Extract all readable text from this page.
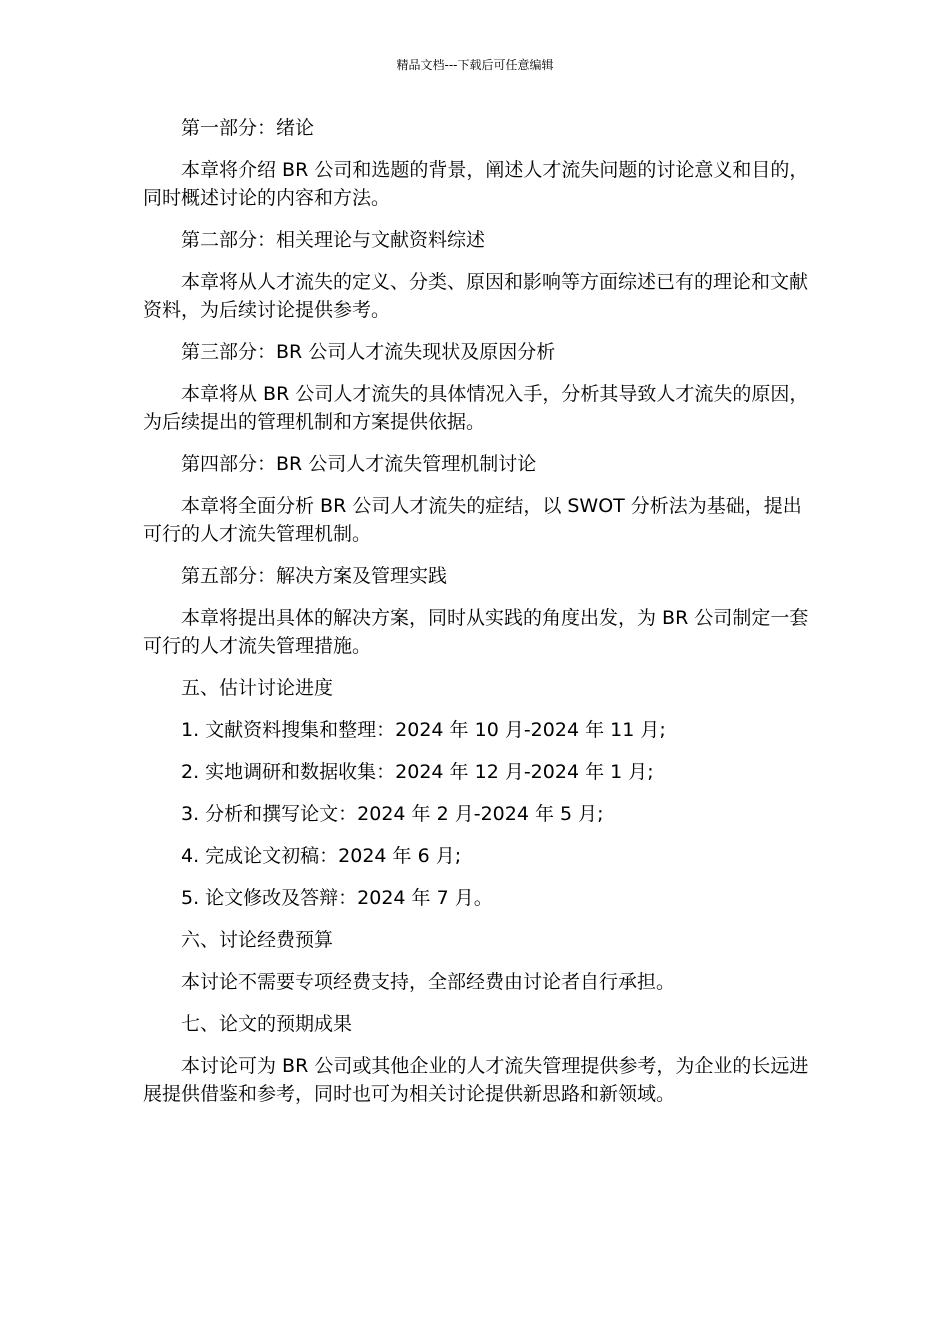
精品文档---下载后可任意编辑

第一部分：绪论

本章将介绍 BR 公司和选题的背景，阐述人才流失问题的讨论意义和目的，同时概述讨论的内容和方法。

第二部分：相关理论与文献资料综述

本章将从人才流失的定义、分类、原因和影响等方面综述已有的理论和文献资料，为后续讨论提供参考。

第三部分：BR 公司人才流失现状及原因分析

本章将从 BR 公司人才流失的具体情况入手，分析其导致人才流失的原因，为后续提出的管理机制和方案提供依据。

第四部分：BR 公司人才流失管理机制讨论

本章将全面分析 BR 公司人才流失的症结，以 SWOT 分析法为基础，提出可行的人才流失管理机制。

第五部分：解决方案及管理实践

本章将提出具体的解决方案，同时从实践的角度出发，为 BR 公司制定一套可行的人才流失管理措施。

五、估计讨论进度

1. 文献资料搜集和整理：2024 年 10 月-2024 年 11 月;

2. 实地调研和数据收集：2024 年 12 月-2024 年 1 月;

3. 分析和撰写论文：2024 年 2 月-2024 年 5 月;

4. 完成论文初稿：2024 年 6 月;

5. 论文修改及答辩：2024 年 7 月。

六、讨论经费预算

本讨论不需要专项经费支持，全部经费由讨论者自行承担。

七、论文的预期成果

本讨论可为 BR 公司或其他企业的人才流失管理提供参考，为企业的长远进展提供借鉴和参考，同时也可为相关讨论提供新思路和新领域。
